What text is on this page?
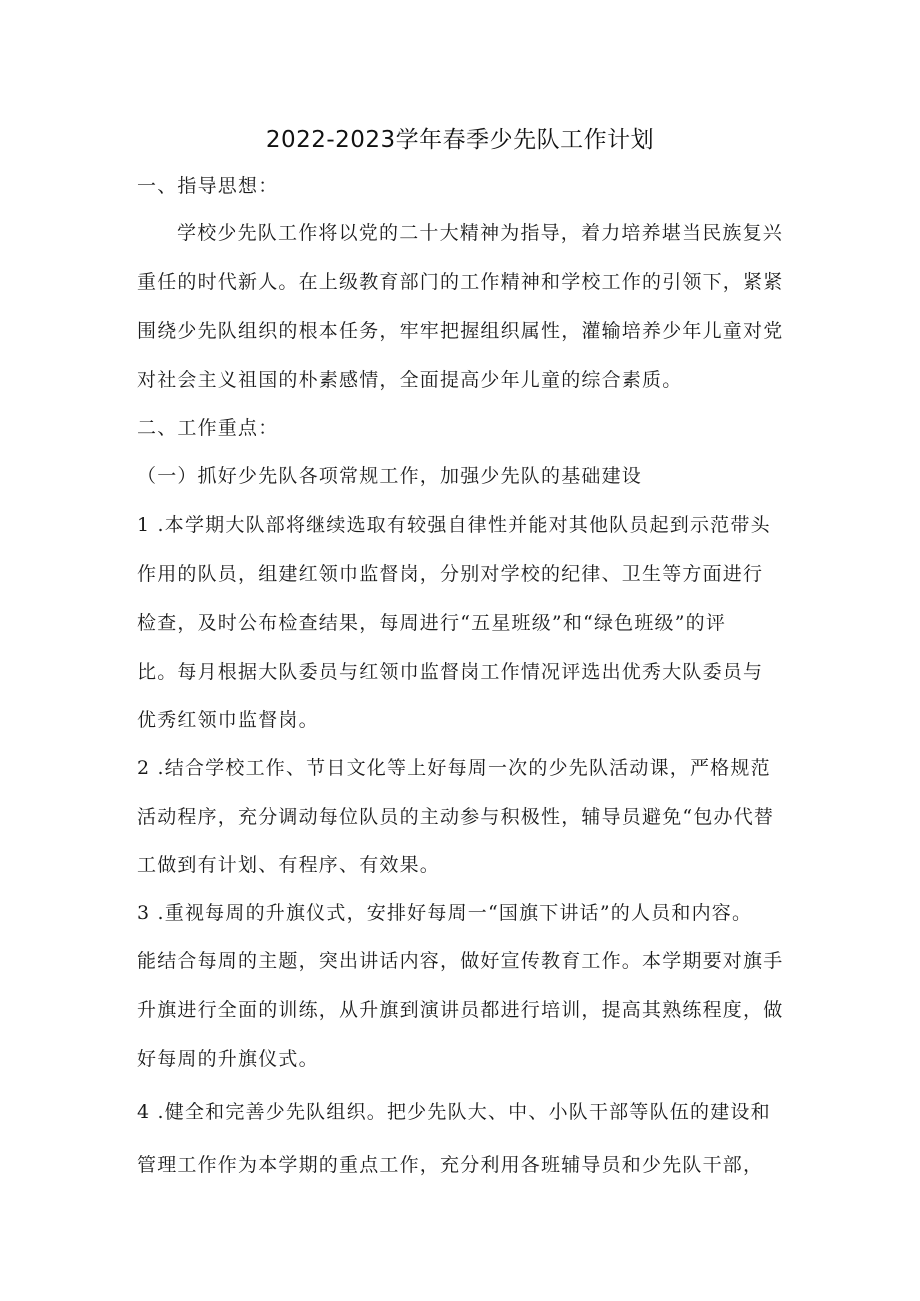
2022-2023学年春季少先队工作计划
一、指导思想：
学校少先队工作将以党的二十大精神为指导，着力培养堪当民族复兴
重任的时代新人。在上级教育部门的工作精神和学校工作的引领下，紧紧
围绕少先队组织的根本任务，牢牢把握组织属性，灌输培养少年儿童对党
对社会主义祖国的朴素感情，全面提高少年儿童的综合素质。
二、工作重点：
（一）抓好少先队各项常规工作，加强少先队的基础建设
1 .本学期大队部将继续选取有较强自律性并能对其他队员起到示范带头
作用的队员，组建红领巾监督岗，分别对学校的纪律、卫生等方面进行
检查，及时公布检查结果，每周进行“五星班级”和“绿色班级”的评
比。每月根据大队委员与红领巾监督岗工作情况评选出优秀大队委员与
优秀红领巾监督岗。
2 .结合学校工作、节日文化等上好每周一次的少先队活动课，严格规范
活动程序，充分调动每位队员的主动参与积极性，辅导员避免“包办代替
工做到有计划、有程序、有效果。
3 .重视每周的升旗仪式，安排好每周一“国旗下讲话”的人员和内容。
能结合每周的主题，突出讲话内容，做好宣传教育工作。本学期要对旗手
升旗进行全面的训练，从升旗到演讲员都进行培训，提高其熟练程度，做
好每周的升旗仪式。
4 .健全和完善少先队组织。把少先队大、中、小队干部等队伍的建设和
管理工作作为本学期的重点工作，充分利用各班辅导员和少先队干部，
